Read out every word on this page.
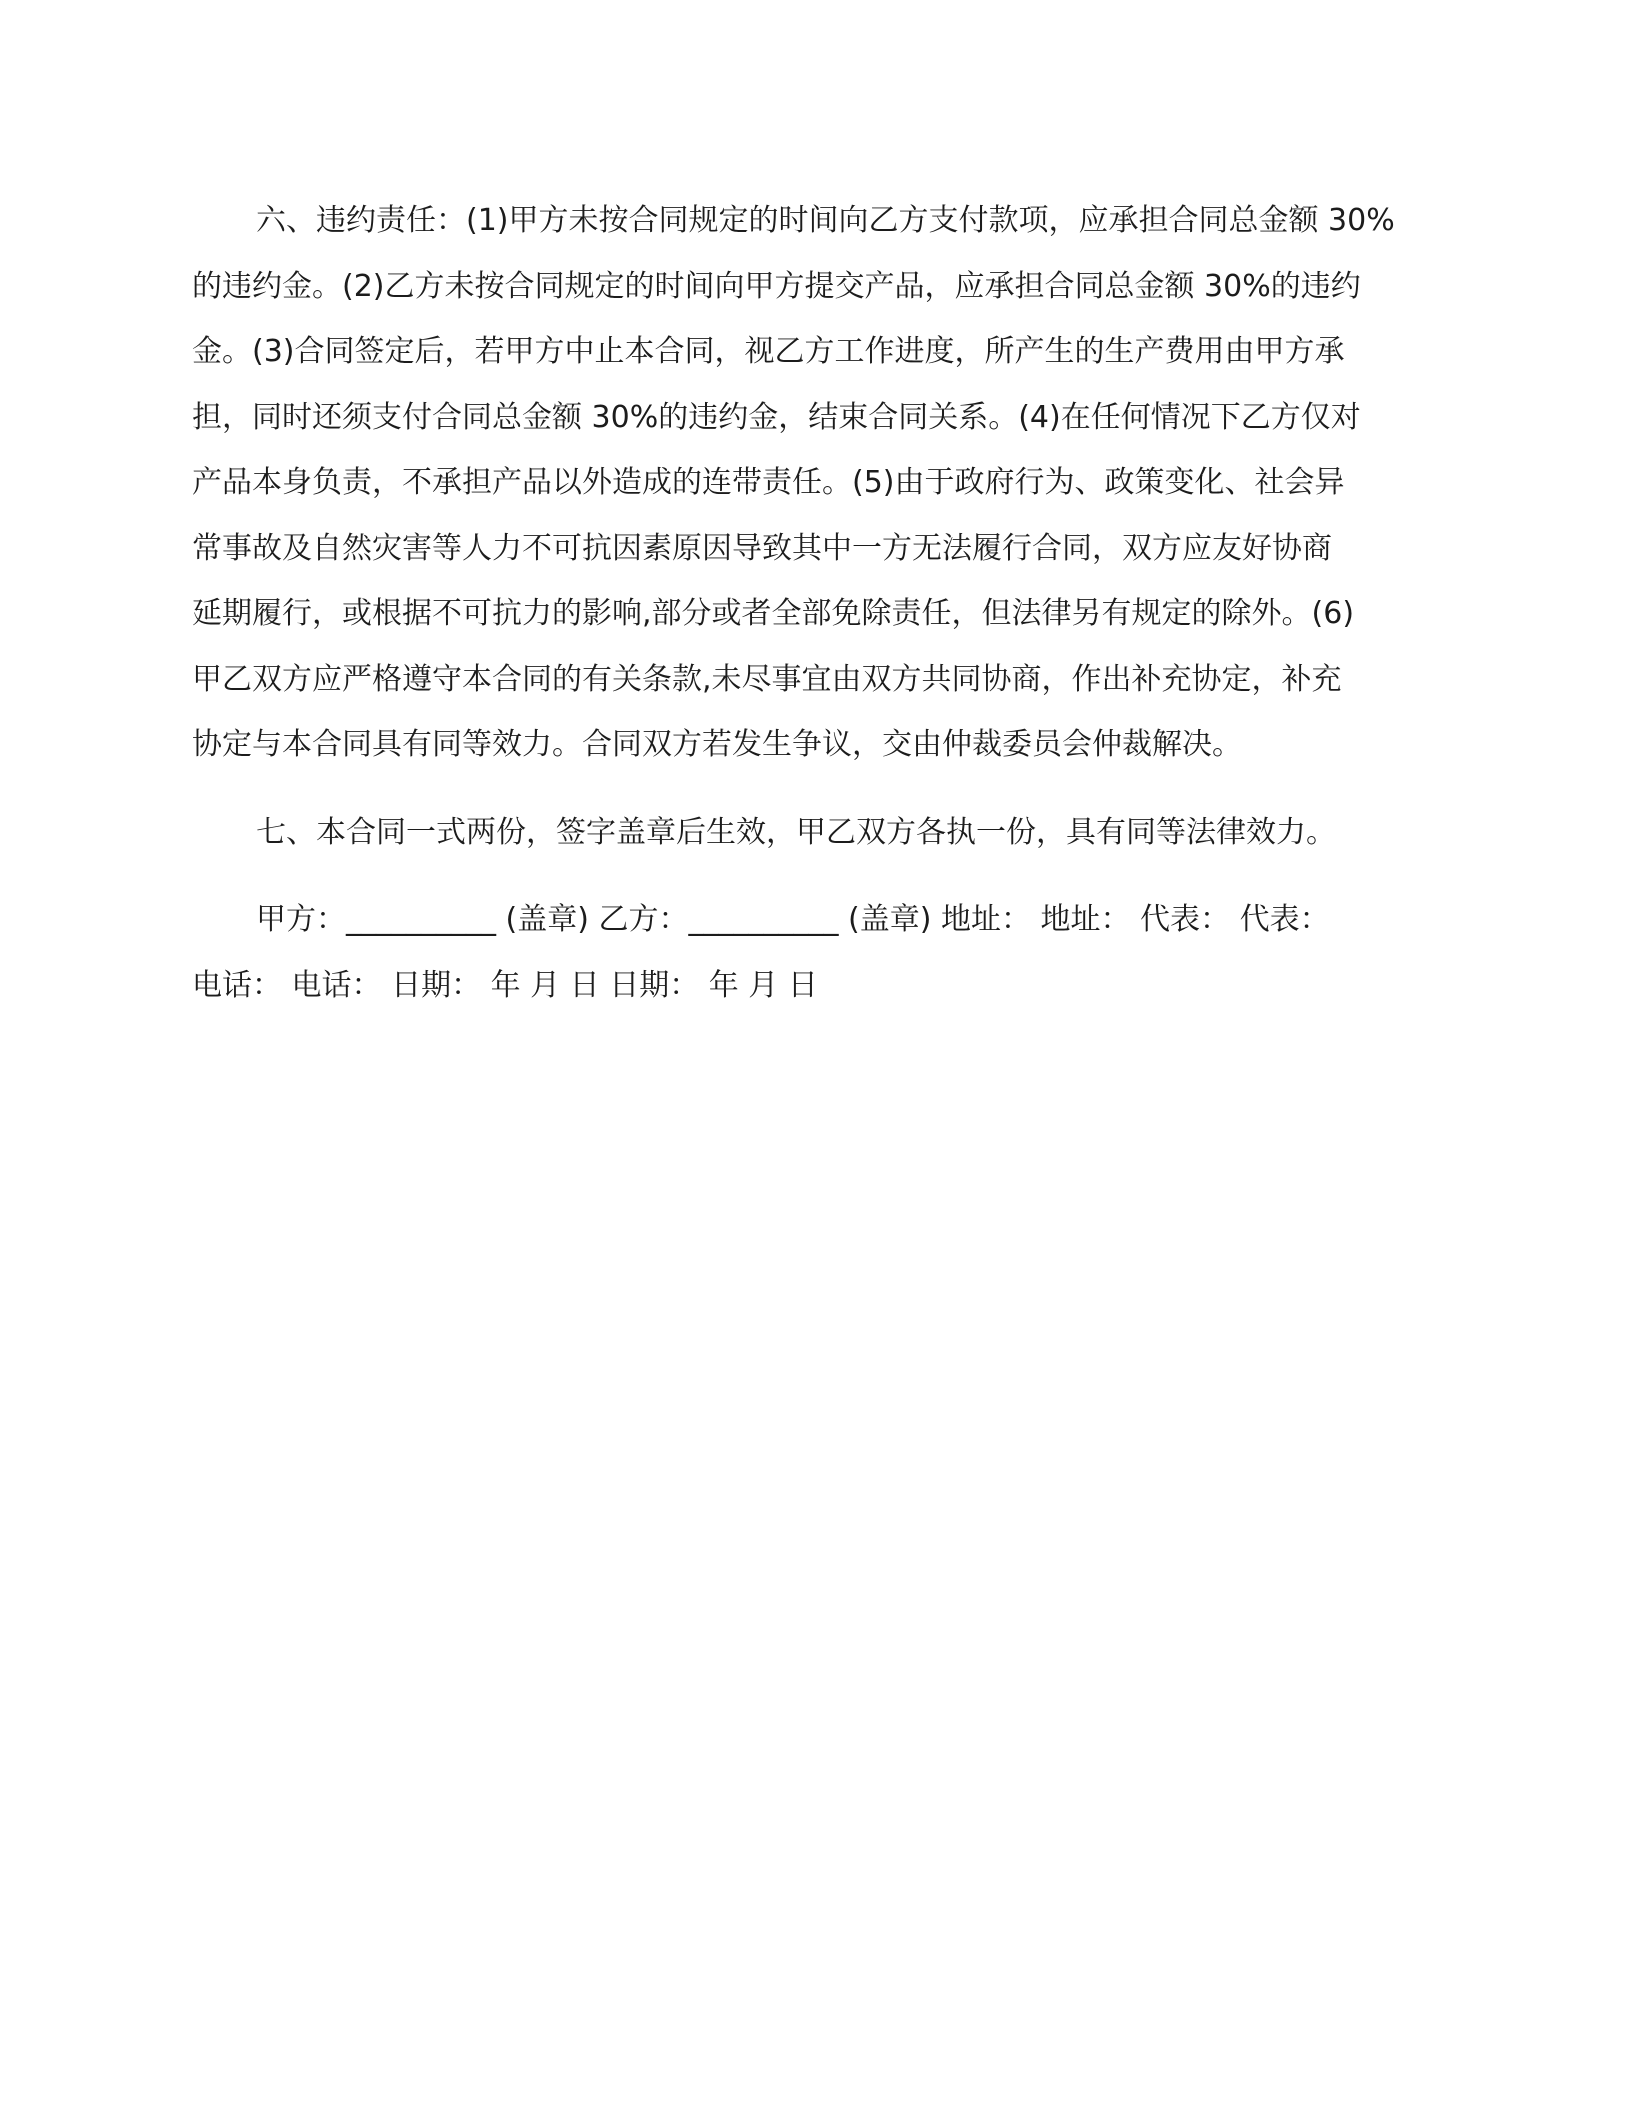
六、违约责任：(1)甲方未按合同规定的时间向乙方支付款项，应承担合同总金额 30%
的违约金。(2)乙方未按合同规定的时间向甲方提交产品，应承担合同总金额 30%的违约
金。(3)合同签定后，若甲方中止本合同，视乙方工作进度，所产生的生产费用由甲方承
担，同时还须支付合同总金额 30%的违约金，结束合同关系。(4)在任何情况下乙方仅对
产品本身负责，不承担产品以外造成的连带责任。(5)由于政府行为、政策变化、社会异
常事故及自然灾害等人力不可抗因素原因导致其中一方无法履行合同，双方应友好协商
延期履行，或根据不可抗力的影响,部分或者全部免除责任，但法律另有规定的除外。(6)
甲乙双方应严格遵守本合同的有关条款,未尽事宜由双方共同协商，作出补充协定，补充
协定与本合同具有同等效力。合同双方若发生争议，交由仲裁委员会仲裁解决。
七、本合同一式两份，签字盖章后生效，甲乙双方各执一份，具有同等法律效力。
甲方：__________ (盖章) 乙方：__________ (盖章) 地址： 地址： 代表： 代表：
电话： 电话： 日期： 年 月 日 日期： 年 月 日
